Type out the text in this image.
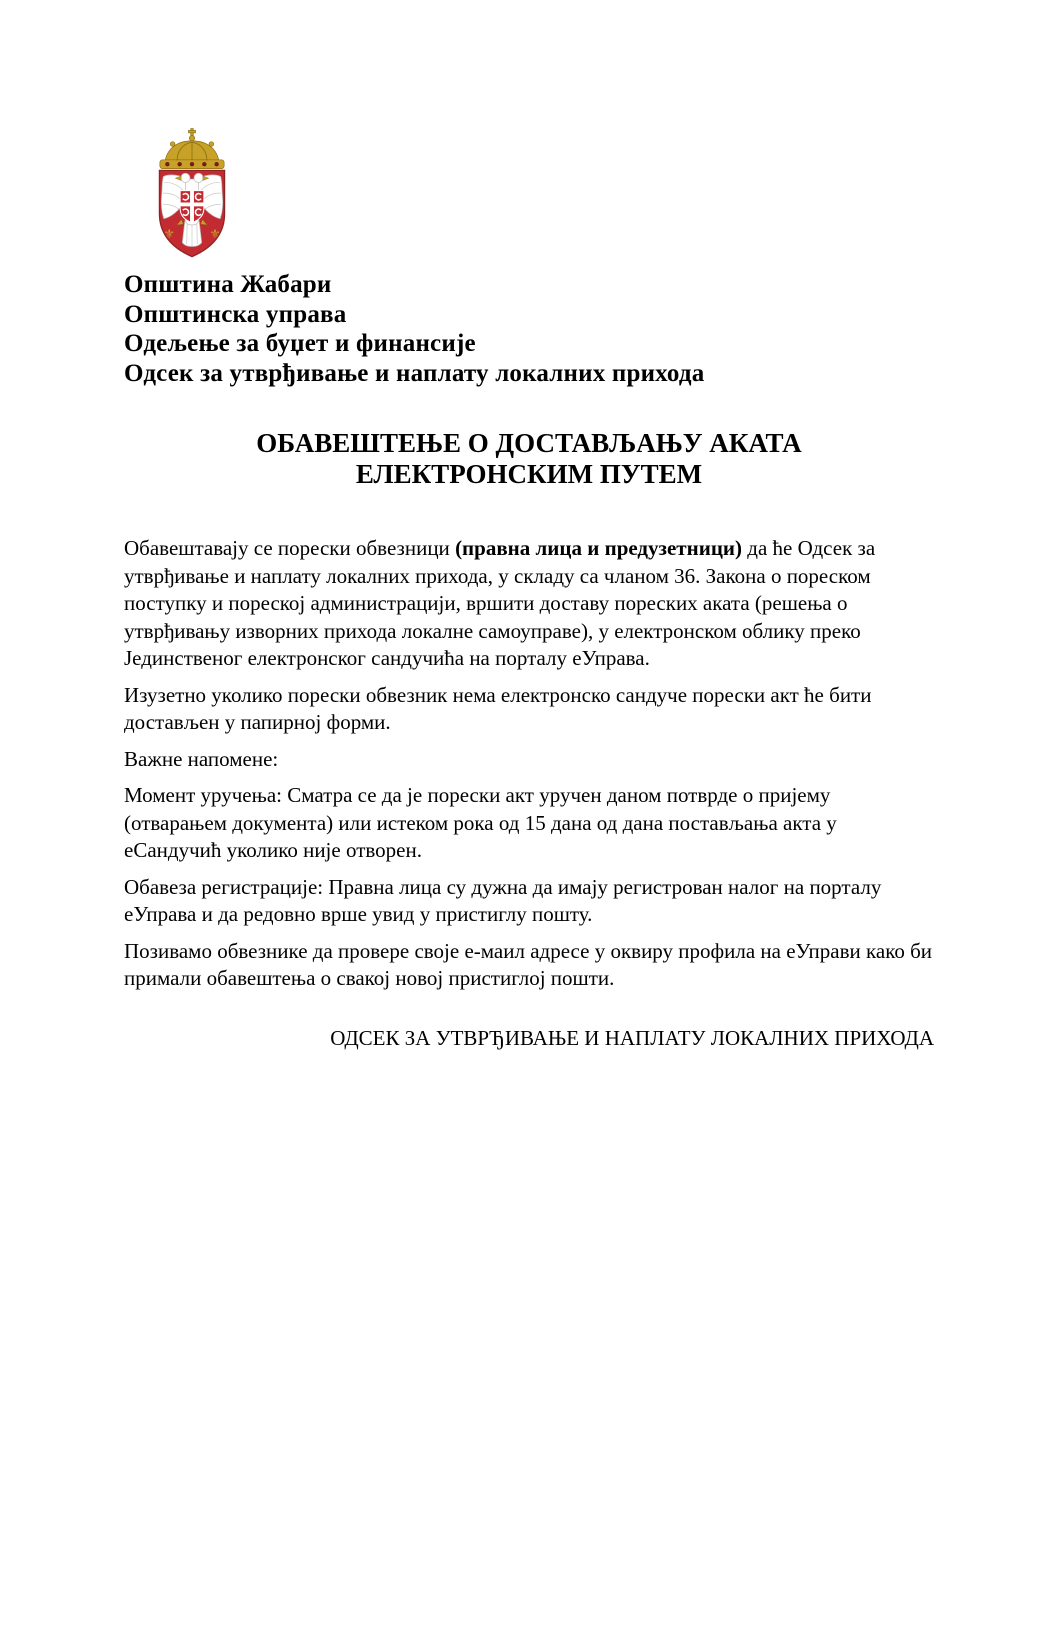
⚜ ⚜
Општина Жабари
Општинска управа
Одељење за буџет и финансије
Одсек за утврђивање и наплату локалних прихода
ОБАВЕШТЕЊЕ О ДОСТАВЉАЊУ АКАТА ЕЛЕКТРОНСКИМ ПУТЕМ

Обавештавају се порески обвезници (правна лица и предузетници) да ће Одсек за утврђивање и наплату локалних прихода, у складу са чланом 36. Закона о пореском поступку и пореској администрацији, вршити доставу пореских аката (решења о утврђивању изворних прихода локалне самоуправе), у електронском облику преко Јединственог електронског сандучића на порталу еУправа.

Изузетно уколико порески обвезник нема електронско сандуче порески акт ће бити достављен у папирној форми.

Важне напомене:

Момент уручења: Сматра се да је порески акт уручен даном потврде о пријему (отварањем документа) или истеком рока од 15 дана од дана постављања акта у еСандучић уколико није отворен.

Обавеза регистрације: Правна лица су дужна да имају регистрован налог на порталу еУправа и да редовно врше увид у пристиглу пошту.

Позивамо обвезнике да провере своје е-маил адресе у оквиру профила на еУправи како би примали обавештења о свакој новој пристиглој пошти.

ОДСЕК ЗА УТВРЂИВАЊЕ И НАПЛАТУ ЛОКАЛНИХ ПРИХОДА
